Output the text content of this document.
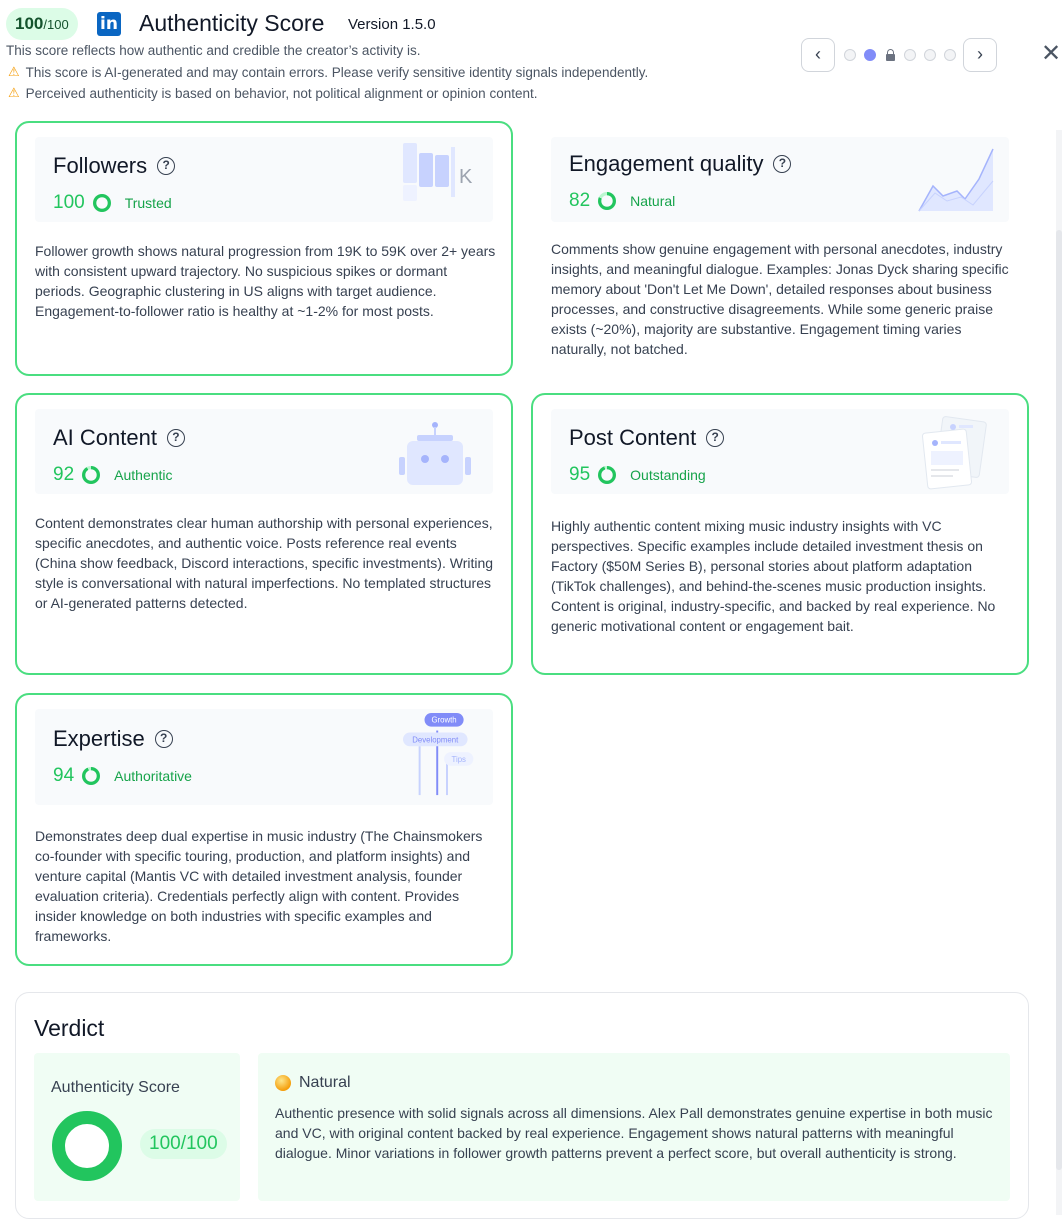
100/100	in Authenticity Score Version 1.5.0
This score reflects how authentic and credible the creator’s activity is.
⚠ This score is AI-generated and may contain errors. Please verify sensitive identity signals independently.
⚠ Perceived authenticity is based on behavior, not political alignment or opinion content.
‹	›	✕
Followers	?
100	Trusted
K
Follower growth shows natural progression from 19K to 59K over 2+ years with consistent upward trajectory. No suspicious spikes or dormant periods. Geographic clustering in US aligns with target audience. Engagement-to-follower ratio is healthy at ~1-2% for most posts.
Engagement quality	?
82	Natural
Comments show genuine engagement with personal anecdotes, industry insights, and meaningful dialogue. Examples: Jonas Dyck sharing specific memory about 'Don't Let Me Down', detailed responses about business processes, and constructive disagreements. While some generic praise exists (~20%), majority are substantive. Engagement timing varies naturally, not batched.
AI Content	?
92	Authentic
Content demonstrates clear human authorship with personal experiences, specific anecdotes, and authentic voice. Posts reference real events (China show feedback, Discord interactions, specific investments). Writing style is conversational with natural imperfections. No templated structures or AI-generated patterns detected.
Post Content	?
95	Outstanding
Highly authentic content mixing music industry insights with VC perspectives. Specific examples include detailed investment thesis on Factory ($50M Series B), personal stories about platform adaptation (TikTok challenges), and behind-the-scenes music production insights. Content is original, industry-specific, and backed by real experience. No generic motivational content or engagement bait.
Expertise	?
94	Authoritative
Growth
Development
Tips
Demonstrates deep dual expertise in music industry (The Chainsmokers co-founder with specific touring, production, and platform insights) and venture capital (Mantis VC with detailed investment analysis, founder evaluation criteria). Credentials perfectly align with content. Provides insider knowledge on both industries with specific examples and frameworks.
Verdict
Authenticity Score
100/100
Natural
Authentic presence with solid signals across all dimensions. Alex Pall demonstrates genuine expertise in both music and VC, with original content backed by real experience. Engagement shows natural patterns with meaningful dialogue. Minor variations in follower growth patterns prevent a perfect score, but overall authenticity is strong.
